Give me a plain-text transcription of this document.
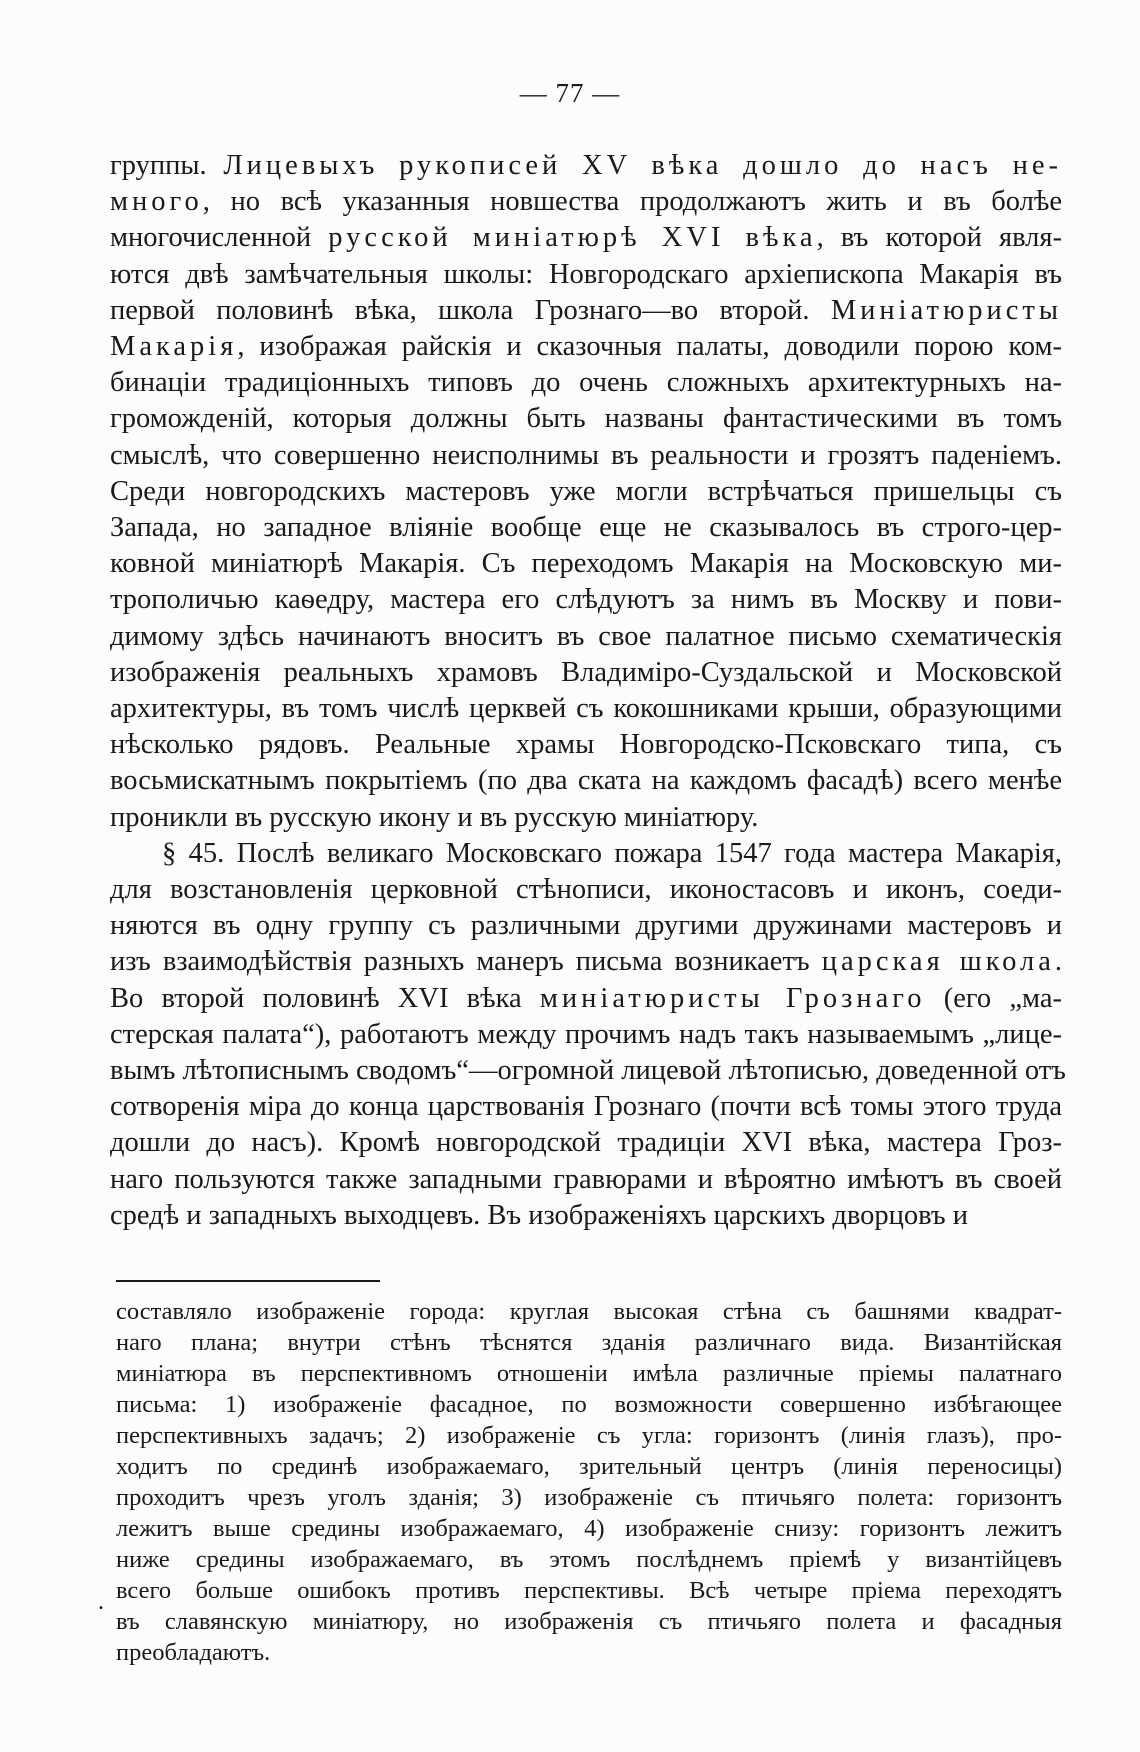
— 77 —
группы. Лицевыхъ рукописей XV вѣка дошло до насъ не-
много, но всѣ указанныя новшества продолжаютъ жить и въ болѣе
многочисленной русской миніатюрѣ XVI вѣка, въ которой явля-
ются двѣ замѣчательныя школы: Новгородскаго архіепископа Макарія въ
первой половинѣ вѣка, школа Грознаго—во второй. Миніатюристы
Макарія, изображая райскія и сказочныя палаты, доводили порою ком-
бинаціи традиціонныхъ типовъ до очень сложныхъ архитектурныхъ на-
громожденій, которыя должны быть названы фантастическими въ томъ
смыслѣ, что совершенно неисполнимы въ реальности и грозятъ паденіемъ.
Среди новгородскихъ мастеровъ уже могли встрѣчаться пришельцы съ
Запада, но западное вліяніе вообще еще не сказывалось въ строго-цер-
ковной миніатюрѣ Макарія. Съ переходомъ Макарія на Московскую ми-
трополичью каѳедру, мастера его слѣдуютъ за нимъ въ Москву и пови-
димому здѣсь начинаютъ вноситъ въ свое палатное письмо схематическія
изображенія реальныхъ храмовъ Владиміро-Суздальской и Московской
архитектуры, въ томъ числѣ церквей съ кокошниками крыши, образующими
нѣсколько рядовъ. Реальные храмы Новгородско-Псковскаго типа, съ
восьмискатнымъ покрытіемъ (по два ската на каждомъ фасадѣ) всего менѣе
проникли въ русскую икону и въ русскую миніатюру.
§ 45. Послѣ великаго Московскаго пожара 1547 года мастера Макарія,
для возстановленія церковной стѣнописи, иконостасовъ и иконъ, соеди-
няются въ одну группу съ различными другими дружинами мастеровъ и
изъ взаимодѣйствія разныхъ манеръ письма возникаетъ царская школа.
Во второй половинѣ XVI вѣка миніатюристы Грознаго (его „ма-
стерская палата“), работаютъ между прочимъ надъ такъ называемымъ „лице-
вымъ лѣтописнымъ сводомъ“—огромной лицевой лѣтописью, доведенной отъ
сотворенія міра до конца царствованія Грознаго (почти всѣ томы этого труда
дошли до насъ). Кромѣ новгородской традиціи XVI вѣка, мастера Гроз-
наго пользуются также западными гравюрами и вѣроятно имѣютъ въ своей
средѣ и западныхъ выходцевъ. Въ изображеніяхъ царскихъ дворцовъ и
составляло изображеніе города: круглая высокая стѣна съ башнями квадрат-
наго плана; внутри стѣнъ тѣснятся зданія различнаго вида. Византійская
миніатюра въ перспективномъ отношеніи имѣла различные пріемы палатнаго
письма: 1) изображеніе фасадное, по возможности совершенно избѣгающее
перспективныхъ задачъ; 2) изображеніе съ угла: горизонтъ (линія глазъ), про-
ходитъ по срединѣ изображаемаго, зрительный центръ (линія переносицы)
проходитъ чрезъ уголъ зданія; 3) изображеніе съ птичьяго полета: горизонтъ
лежитъ выше средины изображаемаго, 4) изображеніе снизу: горизонтъ лежитъ
ниже средины изображаемаго, въ этомъ послѣднемъ пріемѣ у византійцевъ
всего больше ошибокъ противъ перспективы. Всѣ четыре пріема переходятъ
въ славянскую миніатюру, но изображенія съ птичьяго полета и фасадныя
преобладаютъ.
.
